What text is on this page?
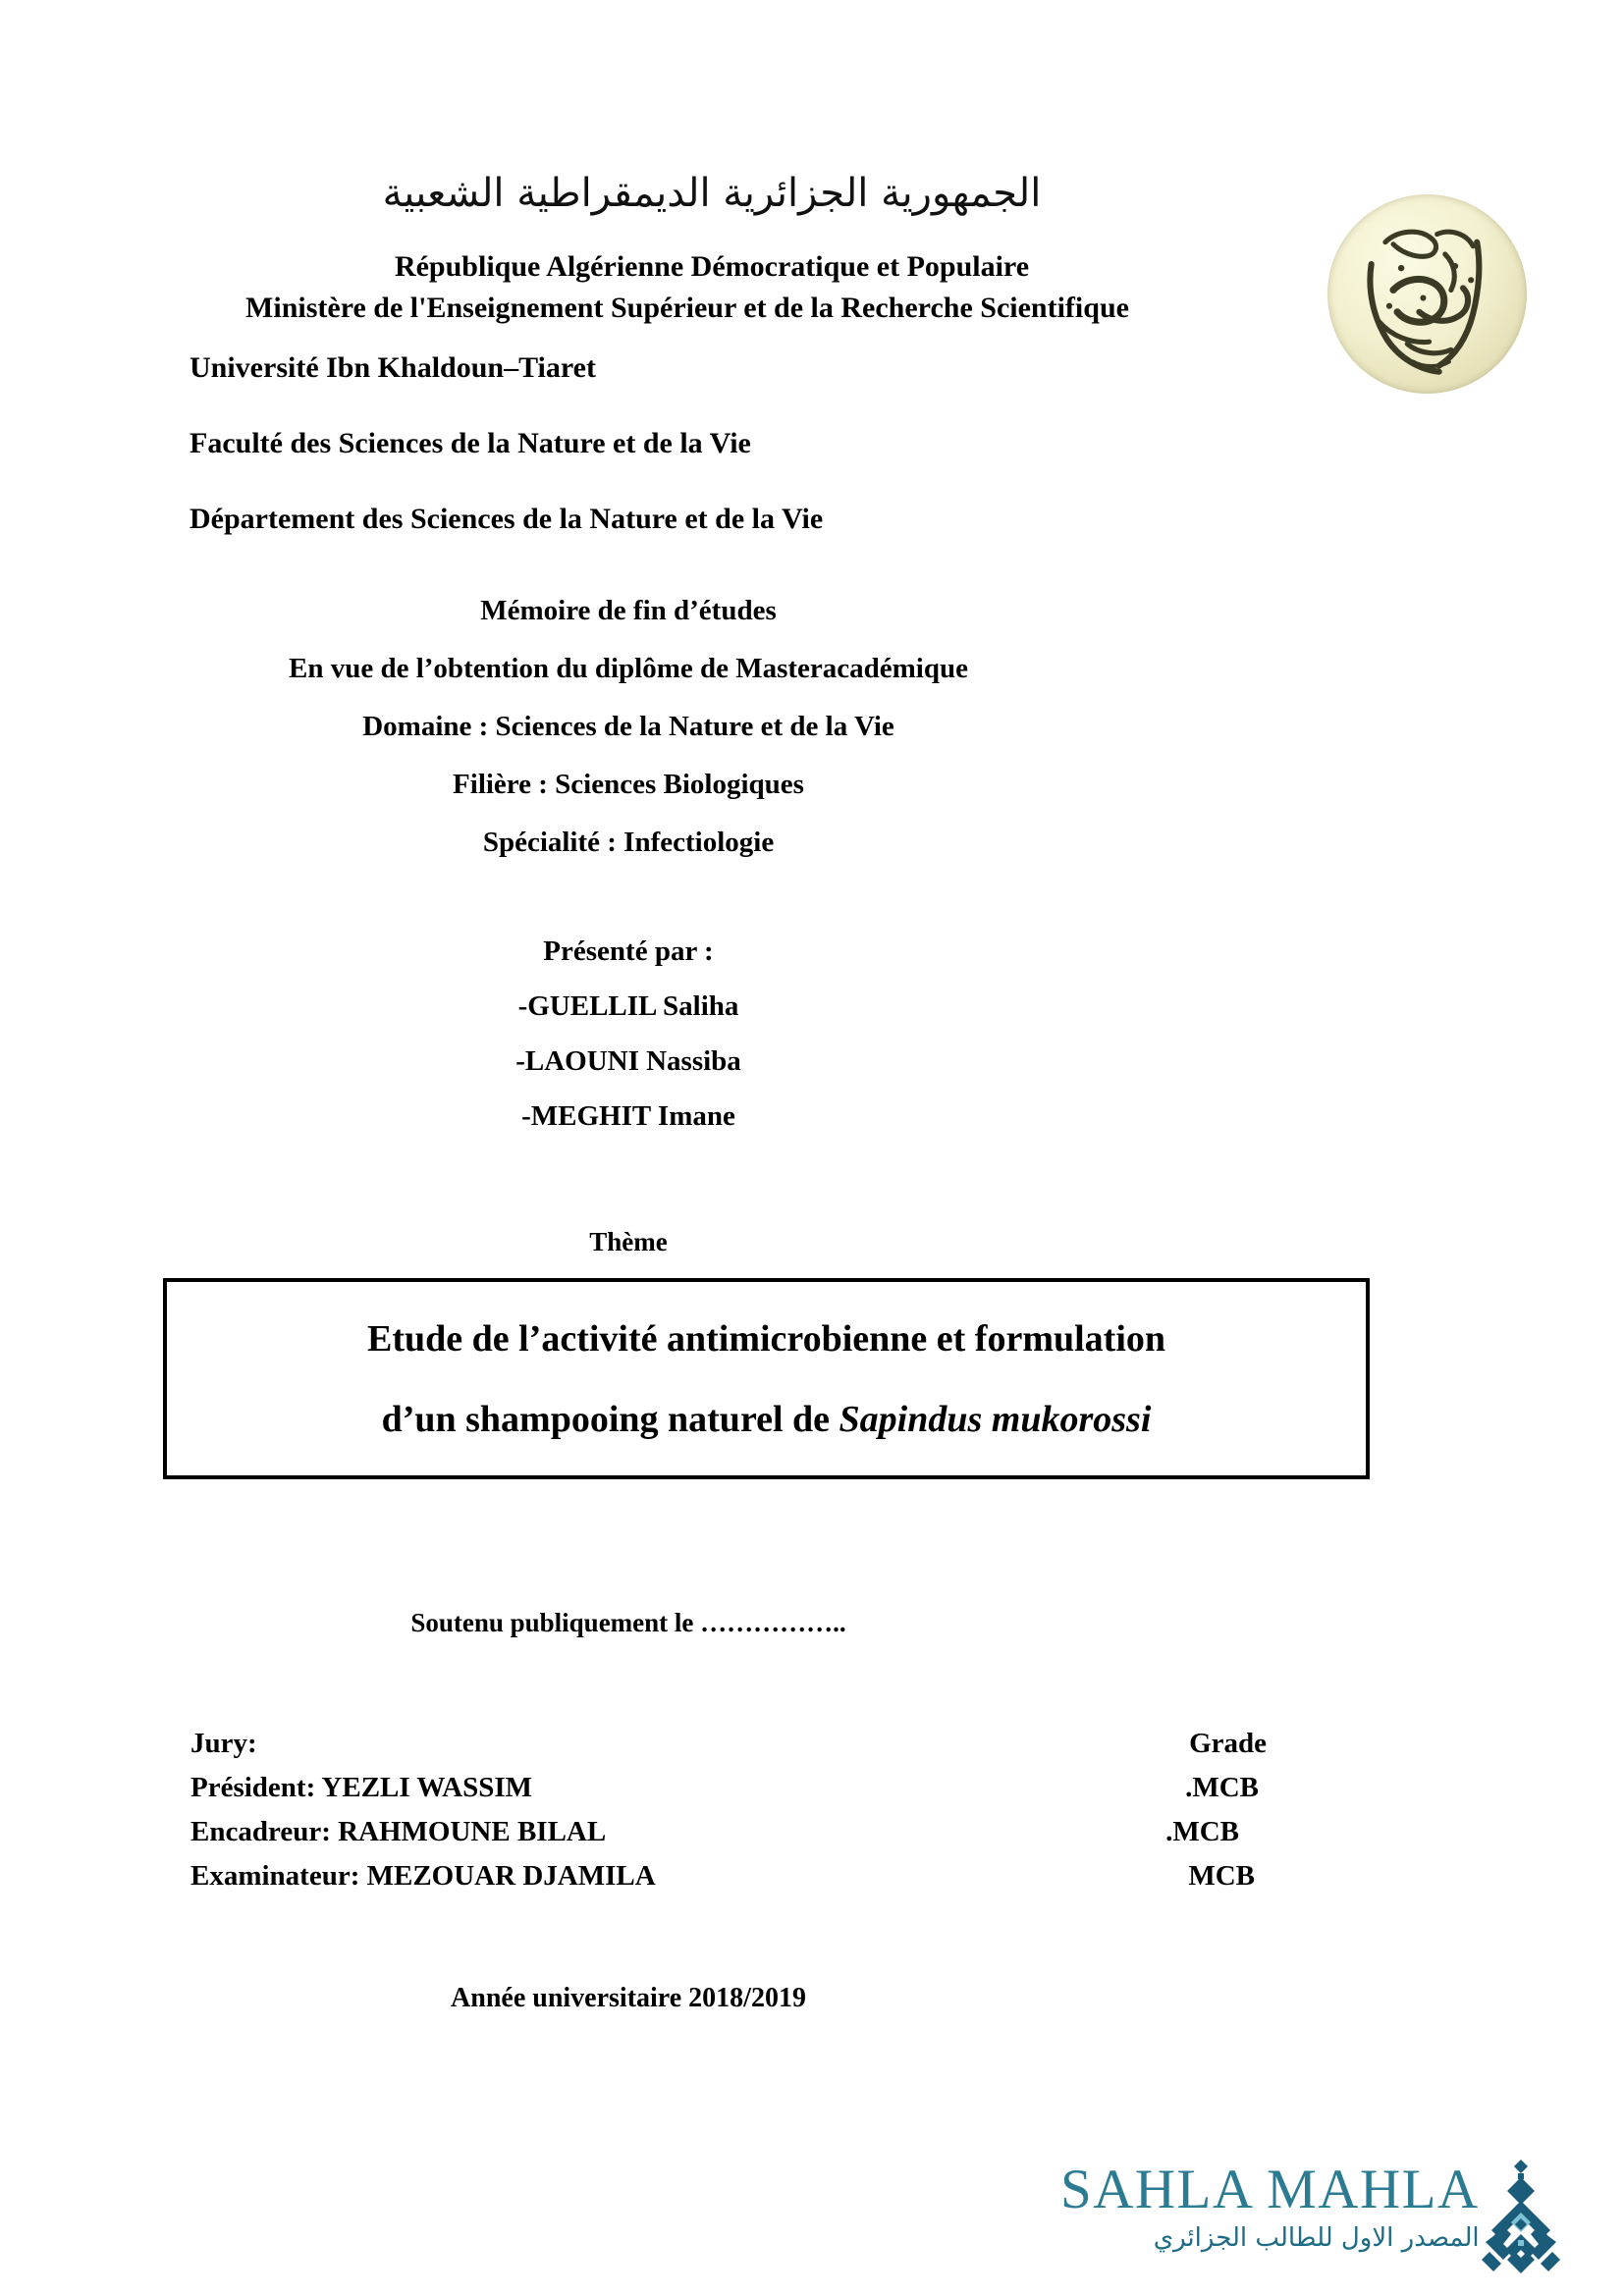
الجمهورية الجزائرية الديمقراطية الشعبية
République Algérienne Démocratique et Populaire
Ministère de l'Enseignement Supérieur et de la Recherche Scientifique

Université Ibn Khaldoun–Tiaret

Faculté des Sciences de la Nature et de la Vie

Département des Sciences de la Nature et de la Vie

Mémoire de fin d’études

En vue de l’obtention du diplôme de Masteracadémique

Domaine : Sciences de la Nature et de la Vie

Filière : Sciences Biologiques

Spécialité : Infectiologie

Présenté par :

-GUELLIL Saliha

-LAOUNI Nassiba

-MEGHIT Imane

Thème
Etude de l’activité antimicrobienne et formulation
d’un shampooing naturel de Sapindus mukorossi
Soutenu publiquement le ……………..
Jury:	Grade
Président: YEZLI WASSIM	.MCB
Encadreur: RAHMOUNE BILAL	.MCB
Examinateur: MEZOUAR DJAMILA	MCB
Année universitaire 2018/2019
SAHLA MAHLA
المصدر الاول للطالب الجزائري
